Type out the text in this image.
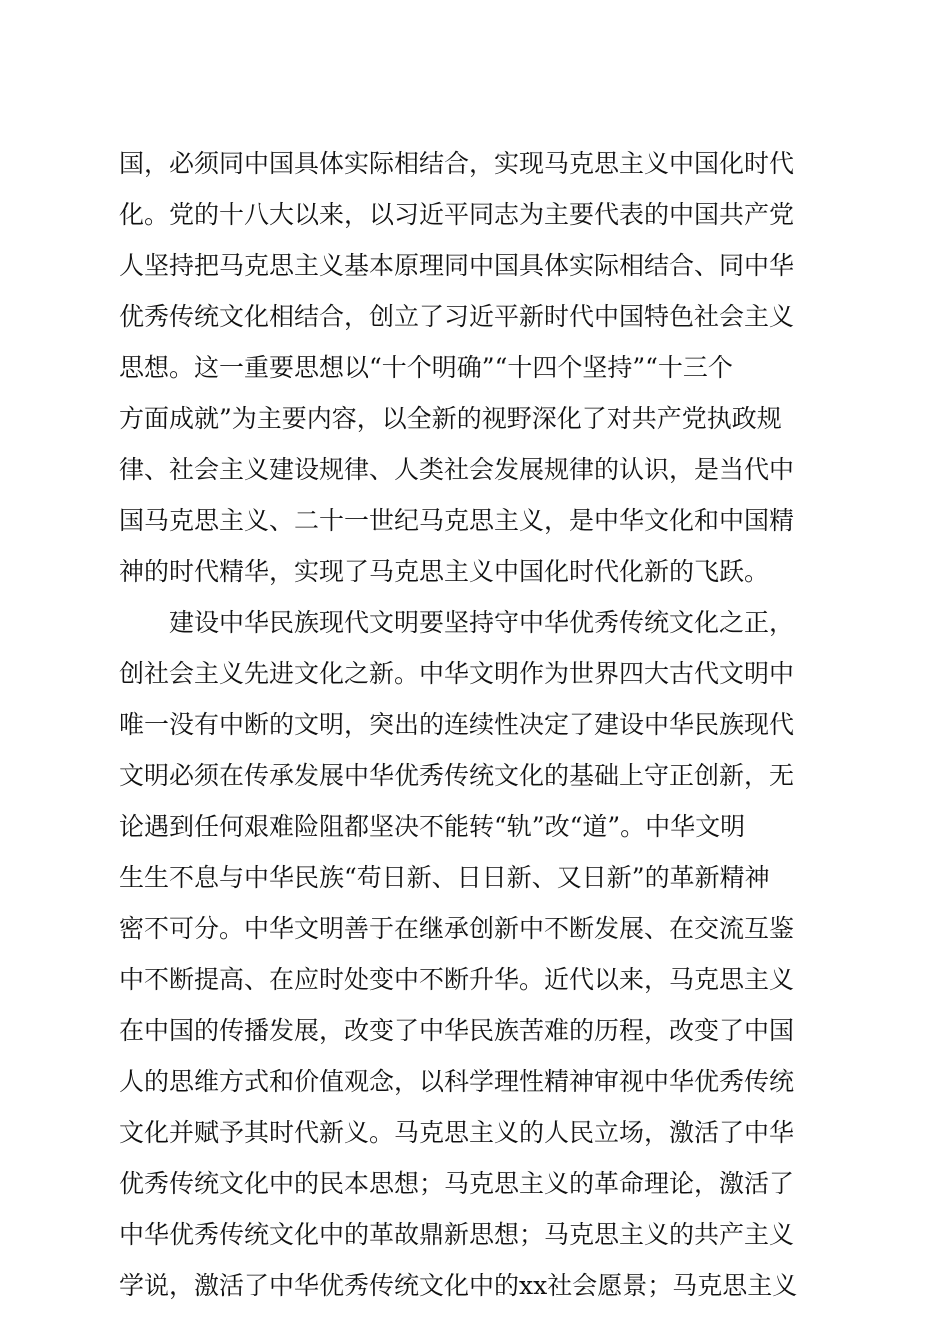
国，必须同中国具体实际相结合，实现马克思主义中国化时代
化。党的十八大以来，以习近平同志为主要代表的中国共产党
人坚持把马克思主义基本原理同中国具体实际相结合、同中华
优秀传统文化相结合，创立了习近平新时代中国特色社会主义
思想。这一重要思想以“十个明确”“十四个坚持”“十三个
方面成就”为主要内容，以全新的视野深化了对共产党执政规
律、社会主义建设规律、人类社会发展规律的认识，是当代中
国马克思主义、二十一世纪马克思主义，是中华文化和中国精
神的时代精华，实现了马克思主义中国化时代化新的飞跃。
建设中华民族现代文明要坚持守中华优秀传统文化之正，
创社会主义先进文化之新。中华文明作为世界四大古代文明中
唯一没有中断的文明，突出的连续性决定了建设中华民族现代
文明必须在传承发展中华优秀传统文化的基础上守正创新，无
论遇到任何艰难险阻都坚决不能转“轨”改“道”。中华文明
生生不息与中华民族“苟日新、日日新、又日新”的革新精神
密不可分。中华文明善于在继承创新中不断发展、在交流互鉴
中不断提高、在应时处变中不断升华。近代以来，马克思主义
在中国的传播发展，改变了中华民族苦难的历程，改变了中国
人的思维方式和价值观念，以科学理性精神审视中华优秀传统
文化并赋予其时代新义。马克思主义的人民立场，激活了中华
优秀传统文化中的民本思想；马克思主义的革命理论，激活了
中华优秀传统文化中的革故鼎新思想；马克思主义的共产主义
学说，激活了中华优秀传统文化中的xx社会愿景；马克思主义
